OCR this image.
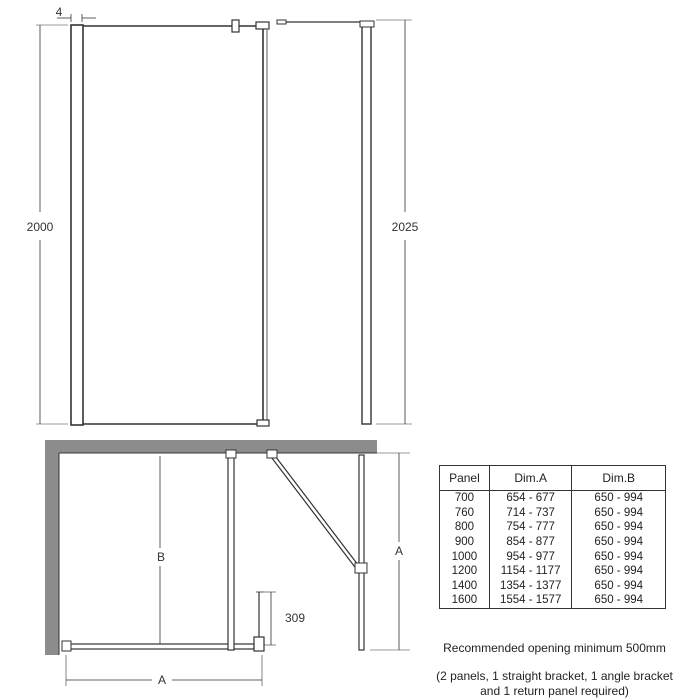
4
2000	2025
B	A
A
309
Panel	Dim.A	Dim.B
700	654 - 677	650 - 994
760	714 - 737	650 - 994
800	754 - 777	650 - 994
900	854 - 877	650 - 994
1000	954 - 977	650 - 994
1200	1154 - 1177	650 - 994
1400	1354 - 1377	650 - 994
1600	1554 - 1577	650 - 994
Recommended opening minimum 500mm
(2 panels, 1 straight bracket, 1 angle bracket
and 1 return panel required)
